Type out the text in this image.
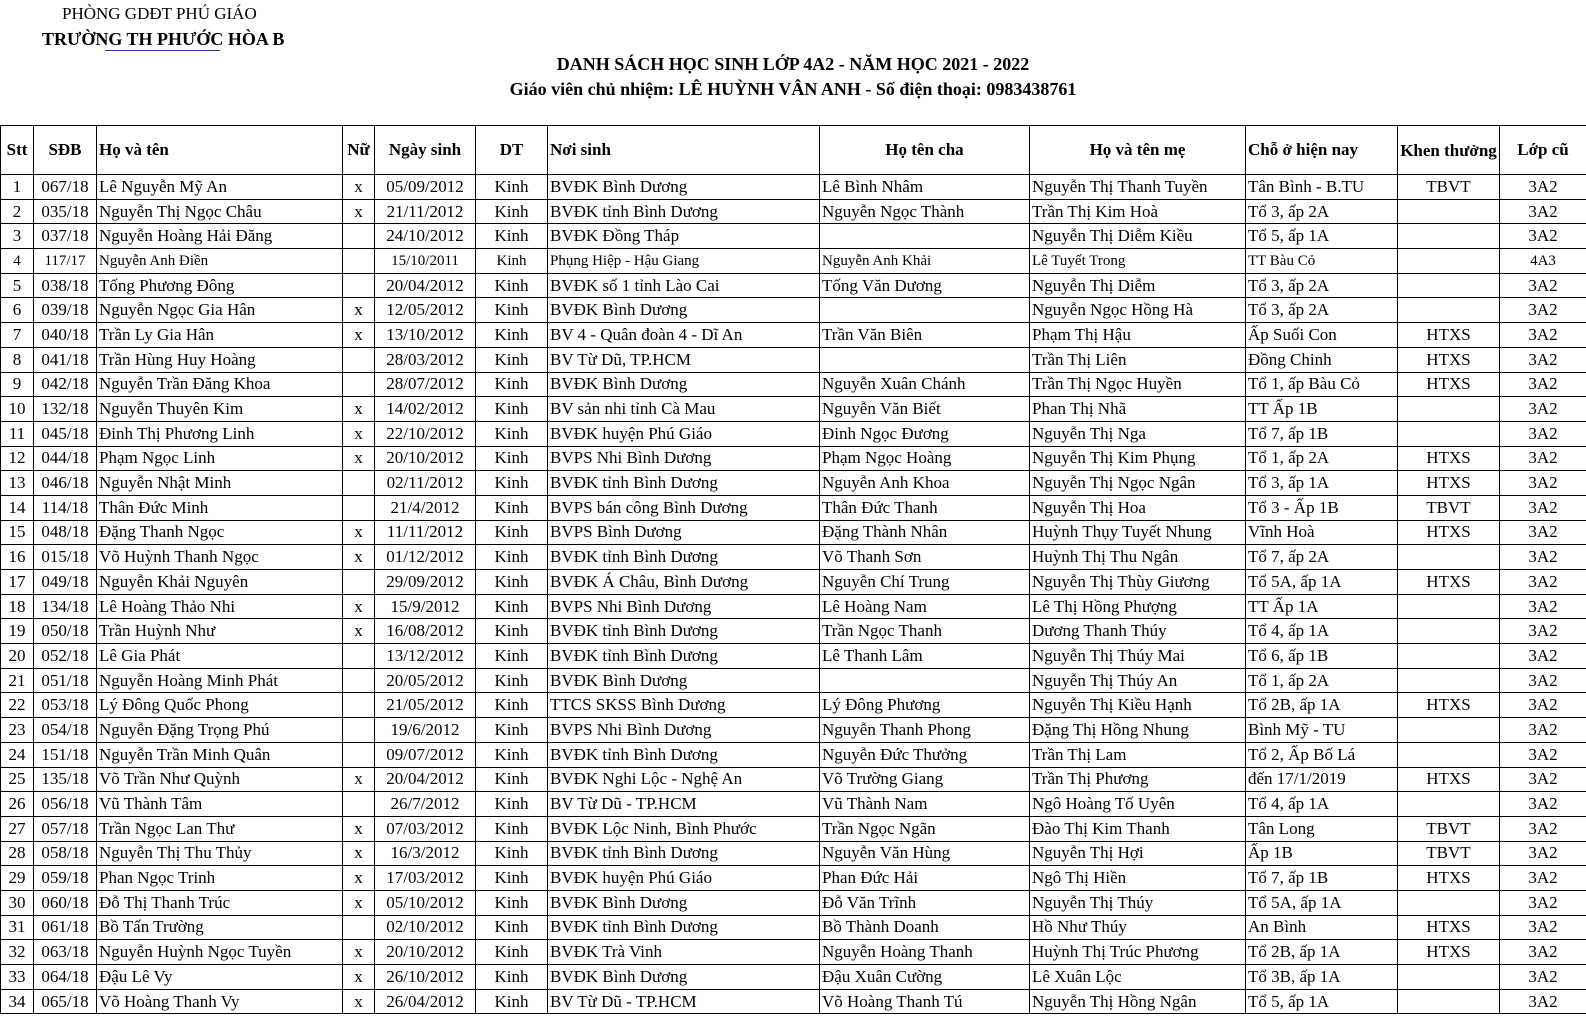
PHÒNG GDĐT PHÚ GIÁO
TRƯỜNG TH PHƯỚC HÒA B
DANH SÁCH HỌC SINH LỚP 4A2 - NĂM HỌC 2021 - 2022
Giáo viên chủ nhiệm: LÊ HUỲNH VÂN ANH - Số điện thoại: 0983438761
Stt	SĐB	Họ và tên	Nữ	Ngày sinh	DT	Nơi sinh	Họ tên cha	Họ và tên mẹ	Chỗ ở hiện nay	Khen thưởng	Lớp cũ
1	067/18	Lê Nguyễn Mỹ An	x	05/09/2012	Kinh	BVĐK Bình Dương	Lê Bình Nhâm	Nguyễn Thị Thanh Tuyền	Tân Bình - B.TU	TBVT	3A2
2	035/18	Nguyễn Thị Ngọc Châu	x	21/11/2012	Kinh	BVĐK tỉnh Bình Dương	Nguyễn Ngọc Thành	Trần Thị Kim Hoà	Tổ 3, ấp 2A		3A2
3	037/18	Nguyễn Hoàng Hải Đăng		24/10/2012	Kinh	BVĐK Đồng Tháp		Nguyễn Thị Diễm Kiều	Tổ 5, ấp 1A		3A2
4	117/17	Nguyễn Anh Điền		15/10/2011	Kinh	Phụng Hiệp - Hậu Giang	Nguyễn Anh Khải	Lê Tuyết Trong	TT Bàu Cỏ		4A3
5	038/18	Tống Phương Đông		20/04/2012	Kinh	BVĐK số 1 tỉnh Lào Cai	Tống Văn Dương	Nguyễn Thị Diễm	Tổ 3, ấp 2A		3A2
6	039/18	Nguyễn Ngọc Gia Hân	x	12/05/2012	Kinh	BVĐK Bình Dương		Nguyễn Ngọc Hồng Hà	Tổ 3, ấp 2A		3A2
7	040/18	Trần Ly Gia Hân	x	13/10/2012	Kinh	BV 4 - Quân đoàn 4 - Dĩ An	Trần Văn Biên	Phạm Thị Hậu	Ấp Suối Con	HTXS	3A2
8	041/18	Trần Hùng Huy Hoàng		28/03/2012	Kinh	BV Từ Dũ, TP.HCM		Trần Thị Liên	Đồng Chinh	HTXS	3A2
9	042/18	Nguyễn Trần Đăng Khoa		28/07/2012	Kinh	BVĐK Bình Dương	Nguyễn Xuân Chánh	Trần Thị Ngọc Huyền	Tổ 1, ấp Bàu Cỏ	HTXS	3A2
10	132/18	Nguyễn Thuyên Kim	x	14/02/2012	Kinh	BV sản nhi tỉnh Cà Mau	Nguyễn Văn Biết	Phan Thị Nhã	TT Ấp 1B		3A2
11	045/18	Đinh Thị Phương Linh	x	22/10/2012	Kinh	BVĐK huyện Phú Giáo	Đinh Ngọc Đương	Nguyễn Thị Nga	Tổ 7, ấp 1B		3A2
12	044/18	Phạm Ngọc Linh	x	20/10/2012	Kinh	BVPS Nhi Bình Dương	Phạm Ngọc Hoàng	Nguyễn Thị Kim Phụng	Tổ 1, ấp 2A	HTXS	3A2
13	046/18	Nguyễn Nhật Minh		02/11/2012	Kinh	BVĐK tỉnh Bình Dương	Nguyễn Anh Khoa	Nguyễn Thị Ngọc Ngân	Tổ 3, ấp 1A	HTXS	3A2
14	114/18	Thân Đức Minh		21/4/2012	Kinh	BVPS bán công Bình Dương	Thân Đức Thanh	Nguyễn Thị Hoa	Tổ 3 - Ấp 1B	TBVT	3A2
15	048/18	Đặng Thanh Ngọc	x	11/11/2012	Kinh	BVPS Bình Dương	Đặng Thành Nhân	Huỳnh Thụy Tuyết Nhung	Vĩnh Hoà	HTXS	3A2
16	015/18	Võ Huỳnh Thanh Ngọc	x	01/12/2012	Kinh	BVĐK tỉnh Bình Dương	Võ Thanh Sơn	Huỳnh Thị Thu Ngân	Tổ 7, ấp 2A		3A2
17	049/18	Nguyễn Khải Nguyên		29/09/2012	Kinh	BVĐK Á Châu, Bình Dương	Nguyễn Chí Trung	Nguyễn Thị Thùy Giương	Tổ 5A, ấp 1A	HTXS	3A2
18	134/18	Lê Hoàng Thảo Nhi	x	15/9/2012	Kinh	BVPS Nhi Bình Dương	Lê Hoàng Nam	Lê Thị Hồng Phượng	TT Ấp 1A		3A2
19	050/18	Trần Huỳnh Như	x	16/08/2012	Kinh	BVĐK tỉnh Bình Dương	Trần Ngọc Thanh	Dương Thanh Thúy	Tổ 4, ấp 1A		3A2
20	052/18	Lê Gia Phát		13/12/2012	Kinh	BVĐK tỉnh Bình Dương	Lê Thanh Lâm	Nguyễn Thị Thúy Mai	Tổ 6, ấp 1B		3A2
21	051/18	Nguyễn Hoàng Minh Phát		20/05/2012	Kinh	BVĐK Bình Dương		Nguyễn Thị Thúy An	Tổ 1, ấp 2A		3A2
22	053/18	Lý Đông Quốc Phong		21/05/2012	Kinh	TTCS SKSS Bình Dương	Lý Đông Phương	Nguyễn Thị Kiều Hạnh	Tổ 2B, ấp 1A	HTXS	3A2
23	054/18	Nguyễn Đặng Trọng Phú		19/6/2012	Kinh	BVPS Nhi Bình Dương	Nguyễn Thanh Phong	Đặng Thị Hồng Nhung	Bình Mỹ - TU		3A2
24	151/18	Nguyễn Trần Minh Quân		09/07/2012	Kinh	BVĐK tỉnh Bình Dương	Nguyễn Đức Thưởng	Trần Thị Lam	Tổ 2, Ấp Bố Lá		3A2
25	135/18	Võ Trần Như Quỳnh	x	20/04/2012	Kinh	BVĐK Nghi Lộc - Nghệ An	Võ Trường Giang	Trần Thị Phương	đến 17/1/2019	HTXS	3A2
26	056/18	Vũ Thành Tâm		26/7/2012	Kinh	BV Từ Dũ - TP.HCM	Vũ Thành Nam	Ngô Hoàng Tố Uyên	Tổ 4, ấp 1A		3A2
27	057/18	Trần Ngọc Lan Thư	x	07/03/2012	Kinh	BVĐK Lộc Ninh, Bình Phước	Trần Ngọc Ngãn	Đào Thị Kim Thanh	Tân Long	TBVT	3A2
28	058/18	Nguyễn Thị Thu Thủy	x	16/3/2012	Kinh	BVĐK tỉnh Bình Dương	Nguyễn Văn Hùng	Nguyễn Thị Hợi	Ấp 1B	TBVT	3A2
29	059/18	Phan Ngọc Trinh	x	17/03/2012	Kinh	BVĐK huyện Phú Giáo	Phan Đức Hải	Ngô Thị Hiền	Tổ 7, ấp 1B	HTXS	3A2
30	060/18	Đỗ Thị Thanh Trúc	x	05/10/2012	Kinh	BVĐK Bình Dương	Đỗ Văn Trĩnh	Nguyễn Thị Thúy	Tổ 5A, ấp 1A		3A2
31	061/18	Bồ Tấn Trường		02/10/2012	Kinh	BVĐK tỉnh Bình Dương	Bồ Thành Doanh	Hồ Như Thúy	An Bình	HTXS	3A2
32	063/18	Nguyễn Huỳnh Ngọc Tuyền	x	20/10/2012	Kinh	BVĐK Trà Vinh	Nguyễn Hoàng Thanh	Huỳnh Thị Trúc Phương	Tổ 2B, ấp 1A	HTXS	3A2
33	064/18	Đậu Lê Vy	x	26/10/2012	Kinh	BVĐK Bình Dương	Đậu Xuân Cường	Lê Xuân Lộc	Tổ 3B, ấp 1A		3A2
34	065/18	Võ Hoàng Thanh Vy	x	26/04/2012	Kinh	BV Từ Dũ - TP.HCM	Võ Hoàng Thanh Tú	Nguyễn Thị Hồng Ngân	Tổ 5, ấp 1A		3A2
